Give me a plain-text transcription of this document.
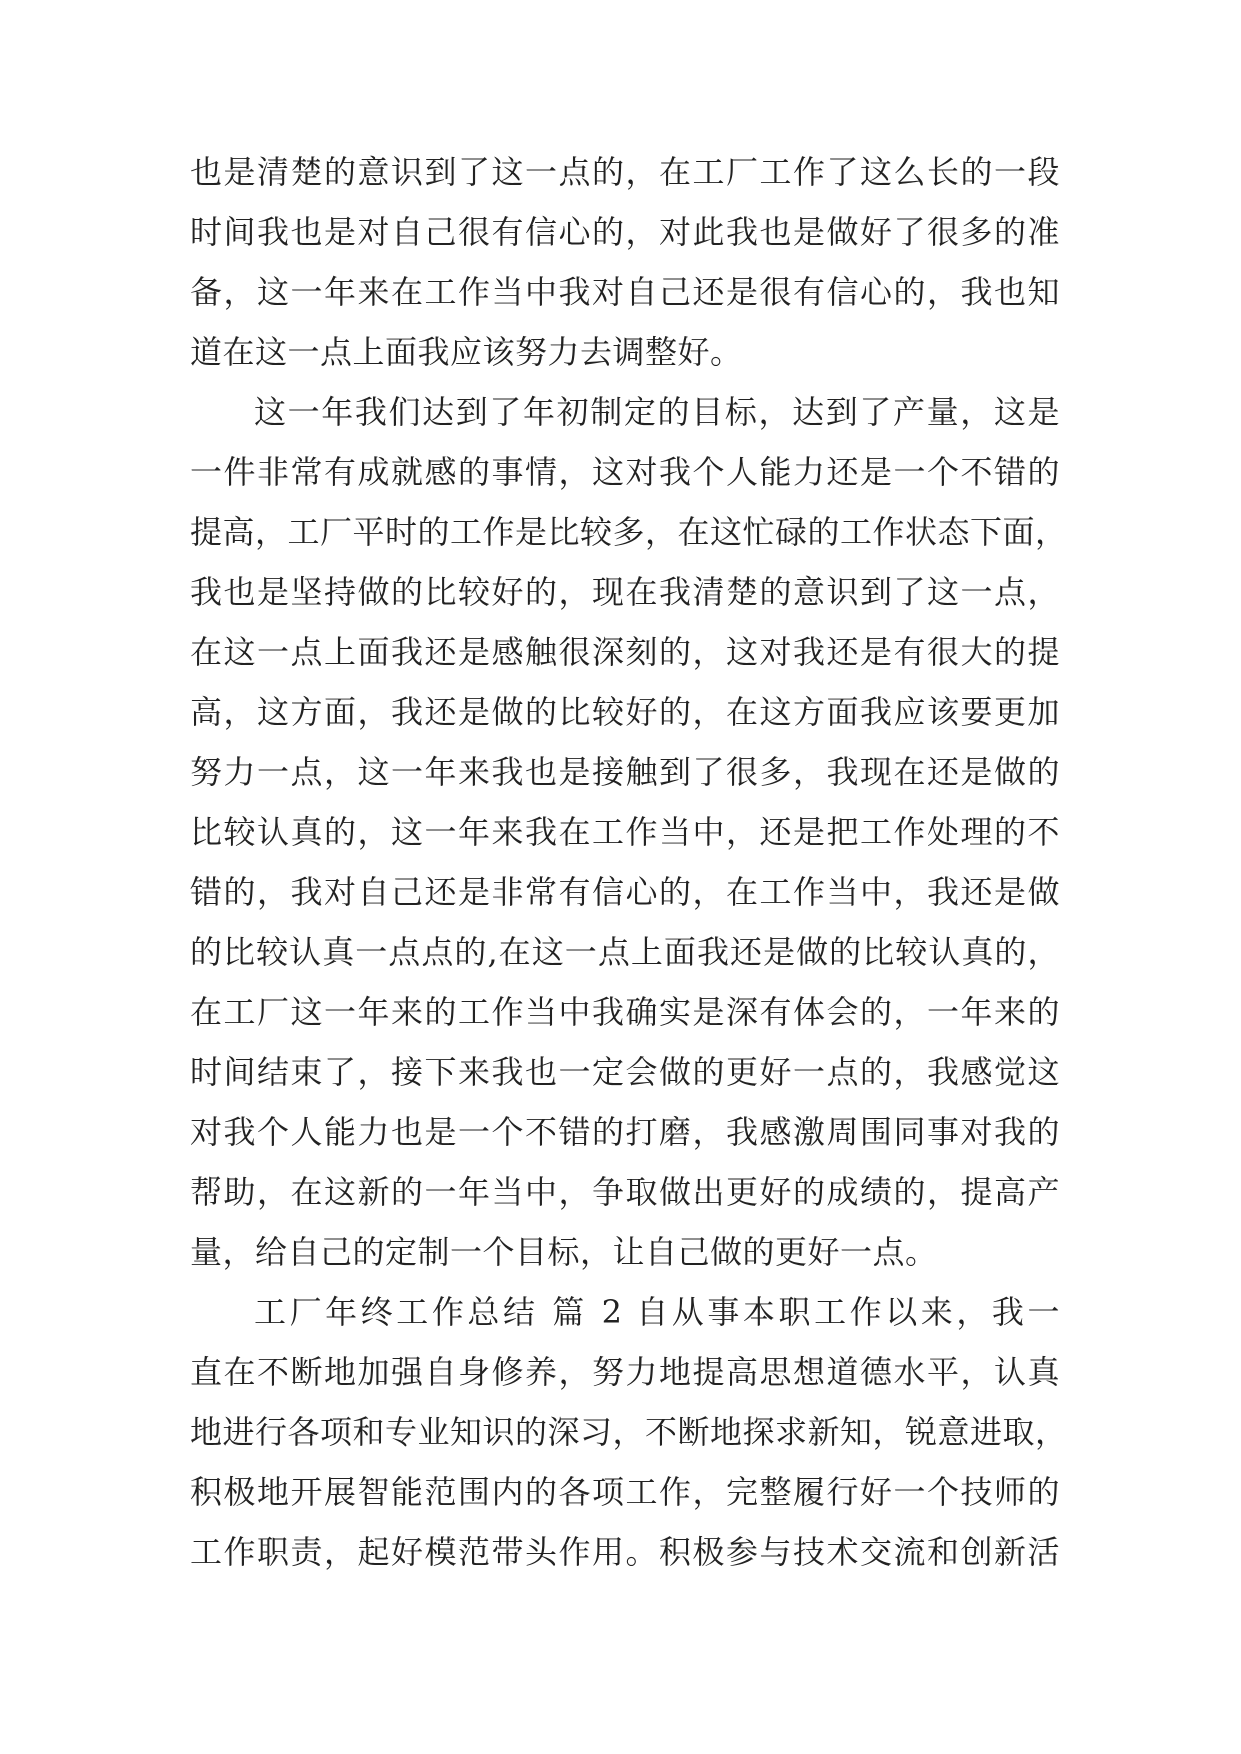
也是清楚的意识到了这一点的，在工厂工作了这么长的一段
时间我也是对自己很有信心的，对此我也是做好了很多的准
备，这一年来在工作当中我对自己还是很有信心的，我也知
道在这一点上面我应该努力去调整好。
这一年我们达到了年初制定的目标，达到了产量，这是
一件非常有成就感的事情，这对我个人能力还是一个不错的
提高，工厂平时的工作是比较多，在这忙碌的工作状态下面，
我也是坚持做的比较好的，现在我清楚的意识到了这一点，
在这一点上面我还是感触很深刻的，这对我还是有很大的提
高，这方面，我还是做的比较好的，在这方面我应该要更加
努力一点，这一年来我也是接触到了很多，我现在还是做的
比较认真的，这一年来我在工作当中，还是把工作处理的不
错的，我对自己还是非常有信心的，在工作当中，我还是做
的比较认真一点点的,在这一点上面我还是做的比较认真的，
在工厂这一年来的工作当中我确实是深有体会的，一年来的
时间结束了，接下来我也一定会做的更好一点的，我感觉这
对我个人能力也是一个不错的打磨，我感激周围同事对我的
帮助，在这新的一年当中，争取做出更好的成绩的，提高产
量，给自己的定制一个目标，让自己做的更好一点。
工厂年终工作总结 篇 2 自从事本职工作以来，我一
直在不断地加强自身修养，努力地提高思想道德水平，认真
地进行各项和专业知识的深习，不断地探求新知，锐意进取，
积极地开展智能范围内的各项工作，完整履行好一个技师的
工作职责，起好模范带头作用。积极参与技术交流和创新活
